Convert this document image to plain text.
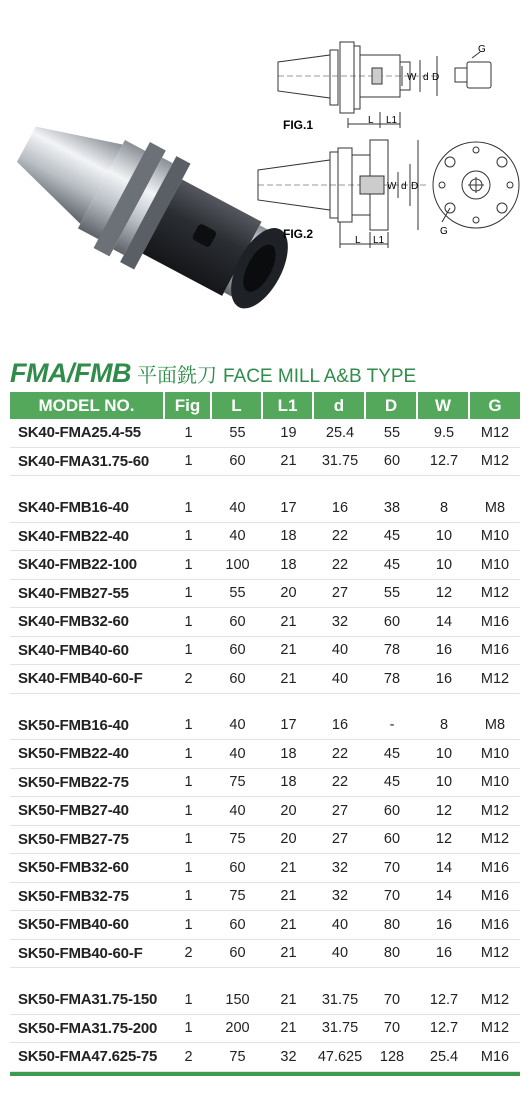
FIG.1	L L1
W d D
G
FIG.2	L L1
W d D
G
FMA/FMB 平面銑刀 FACE MILL A&B TYPE
MODEL NO.	Fig	L	L1	d	D	W	G
SK40-FMA25.4-55	1	55	19	25.4	55	9.5	M12
SK40-FMA31.75-60	1	60	21	31.75	60	12.7	M12
SK40-FMB16-40	1	40	17	16	38	8	M8
SK40-FMB22-40	1	40	18	22	45	10	M10
SK40-FMB22-100	1	100	18	22	45	10	M10
SK40-FMB27-55	1	55	20	27	55	12	M12
SK40-FMB32-60	1	60	21	32	60	14	M16
SK40-FMB40-60	1	60	21	40	78	16	M16
SK40-FMB40-60-F	2	60	21	40	78	16	M12
SK50-FMB16-40	1	40	17	16	-	8	M8
SK50-FMB22-40	1	40	18	22	45	10	M10
SK50-FMB22-75	1	75	18	22	45	10	M10
SK50-FMB27-40	1	40	20	27	60	12	M12
SK50-FMB27-75	1	75	20	27	60	12	M12
SK50-FMB32-60	1	60	21	32	70	14	M16
SK50-FMB32-75	1	75	21	32	70	14	M16
SK50-FMB40-60	1	60	21	40	80	16	M16
SK50-FMB40-60-F	2	60	21	40	80	16	M12
SK50-FMA31.75-150	1	150	21	31.75	70	12.7	M12
SK50-FMA31.75-200	1	200	21	31.75	70	12.7	M12
SK50-FMA47.625-75	2	75	32	47.625	128	25.4	M16
